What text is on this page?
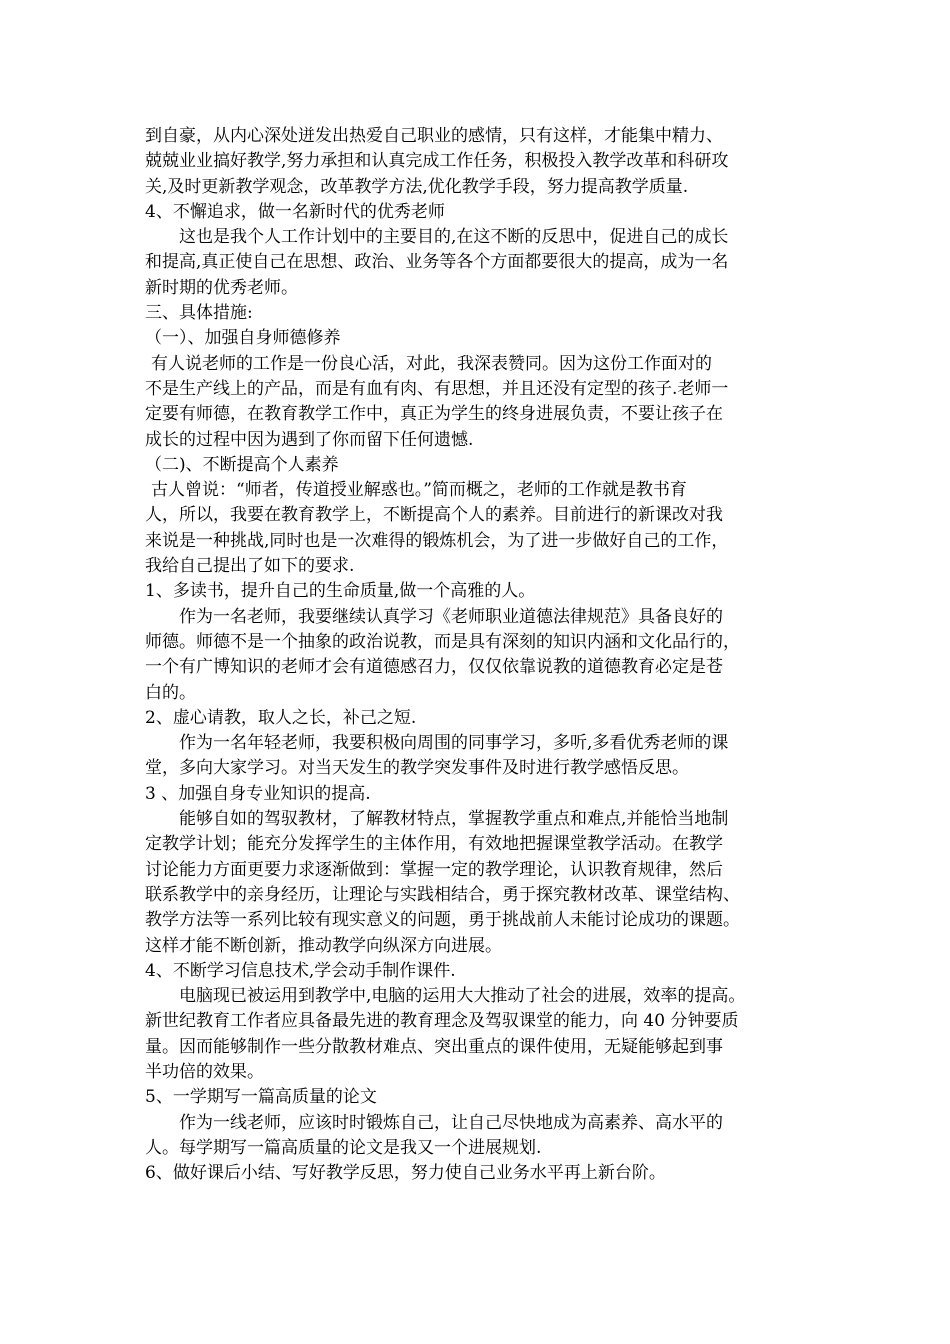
到自豪，从内心深处迸发出热爱自己职业的感情，只有这样，才能集中精力、
兢兢业业搞好教学,努力承担和认真完成工作任务，积极投入教学改革和科研攻
关,及时更新教学观念，改革教学方法,优化教学手段，努力提高教学质量.
4、不懈追求，做一名新时代的优秀老师
这也是我个人工作计划中的主要目的,在这不断的反思中，促进自己的成长
和提高,真正使自己在思想、政治、业务等各个方面都要很大的提高，成为一名
新时期的优秀老师。
三、具体措施:
（一）、加强自身师德修养
有人说老师的工作是一份良心活，对此，我深表赞同。因为这份工作面对的
不是生产线上的产品，而是有血有肉、有思想，并且还没有定型的孩子.老师一
定要有师德，在教育教学工作中，真正为学生的终身进展负责，不要让孩子在
成长的过程中因为遇到了你而留下任何遗憾.
（二)、不断提高个人素养
古人曾说：“师者，传道授业解惑也。”简而概之，老师的工作就是教书育
人，所以，我要在教育教学上，不断提高个人的素养。目前进行的新课改对我
来说是一种挑战,同时也是一次难得的锻炼机会，为了进一步做好自己的工作，
我给自己提出了如下的要求.
1、多读书，提升自己的生命质量,做一个高雅的人。
作为一名老师，我要继续认真学习《老师职业道德法律规范》具备良好的
师德。师德不是一个抽象的政治说教，而是具有深刻的知识内涵和文化品行的，
一个有广博知识的老师才会有道德感召力，仅仅依靠说教的道德教育必定是苍
白的。
2、虚心请教，取人之长，补己之短.
作为一名年轻老师，我要积极向周围的同事学习，多听,多看优秀老师的课
堂，多向大家学习。对当天发生的教学突发事件及时进行教学感悟反思。
3 、加强自身专业知识的提高.
能够自如的驾驭教材，了解教材特点，掌握教学重点和难点,并能恰当地制
定教学计划；能充分发挥学生的主体作用，有效地把握课堂教学活动。在教学
讨论能力方面更要力求逐渐做到：掌握一定的教学理论，认识教育规律，然后
联系教学中的亲身经历，让理论与实践相结合，勇于探究教材改革、课堂结构、
教学方法等一系列比较有现实意义的问题，勇于挑战前人未能讨论成功的课题。
这样才能不断创新，推动教学向纵深方向进展。
4、不断学习信息技术,学会动手制作课件.
电脑现已被运用到教学中,电脑的运用大大推动了社会的进展，效率的提高。
新世纪教育工作者应具备最先进的教育理念及驾驭课堂的能力，向 40 分钟要质
量。因而能够制作一些分散教材难点、突出重点的课件使用，无疑能够起到事
半功倍的效果。
5、一学期写一篇高质量的论文
作为一线老师，应该时时锻炼自己，让自己尽快地成为高素养、高水平的
人。每学期写一篇高质量的论文是我又一个进展规划.
6、做好课后小结、写好教学反思，努力使自己业务水平再上新台阶。
